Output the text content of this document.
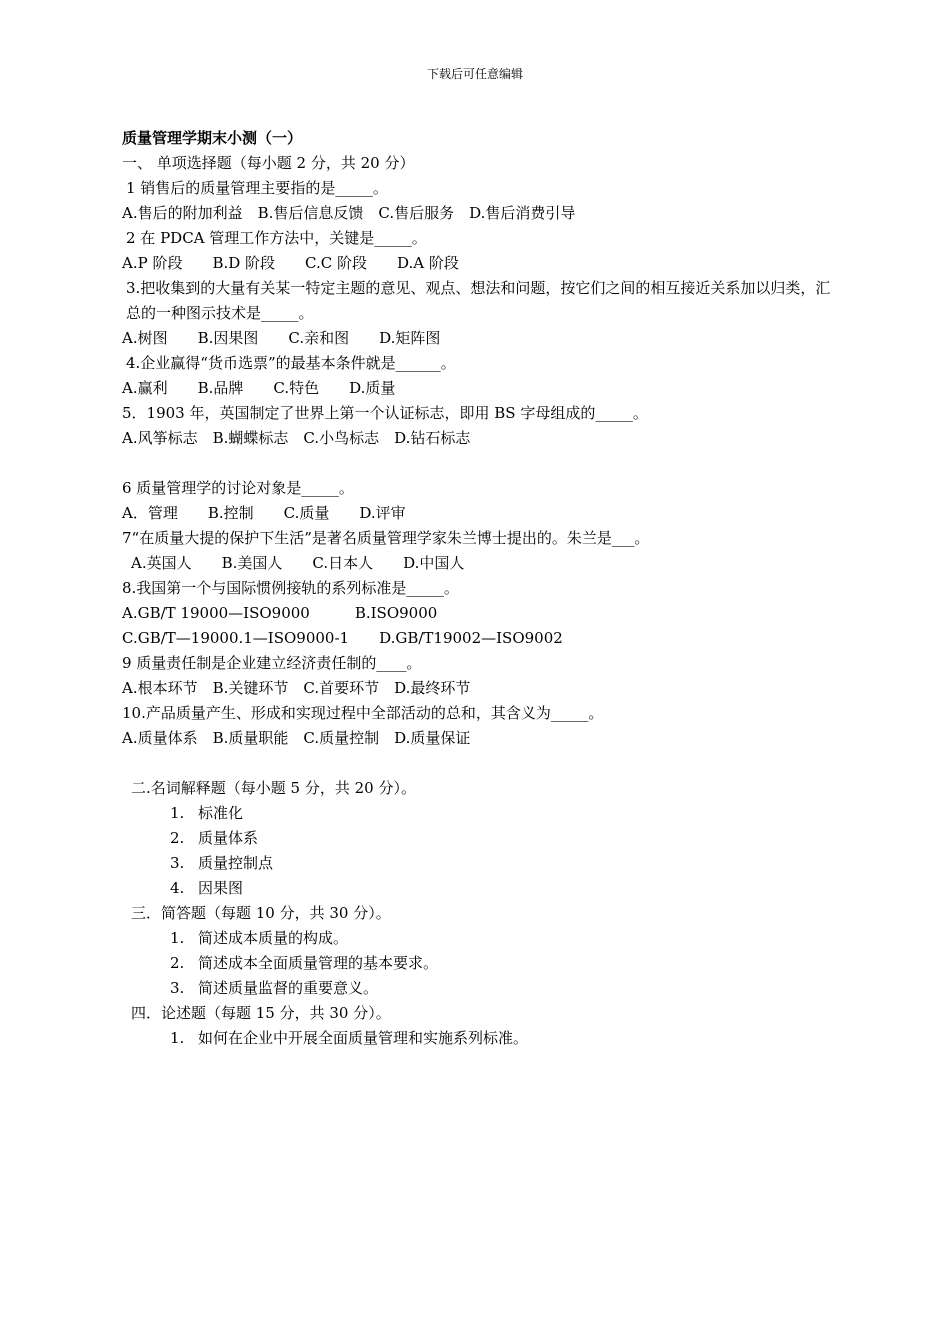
下载后可任意编辑
质量管理学期末小测（一）
一、 单项选择题（每小题 2 分，共 20 分）
1 销售后的质量管理主要指的是_____。
A.售后的附加利益　B.售后信息反馈　C.售后服务　D.售后消费引导
2 在 PDCA 管理工作方法中，关键是_____。
A.P 阶段　　B.D 阶段　　C.C 阶段　　D.A 阶段
3.把收集到的大量有关某一特定主题的意见、观点、想法和问题，按它们之间的相互接近关系加以归类，汇总的一种图示技术是_____。
A.树图　　B.因果图　　C.亲和图　　D.矩阵图
4.企业赢得“货币选票”的最基本条件就是______。
A.赢利　　B.品牌　　C.特色　　D.质量
5．1903 年，英国制定了世界上第一个认证标志，即用 BS 字母组成的_____。
A.风筝标志　B.蝴蝶标志　C.小鸟标志　D.钻石标志
6 质量管理学的讨论对象是_____。
A．管理　　B.控制　　C.质量　　D.评审
7“在质量大提的保护下生活”是著名质量管理学家朱兰博士提出的。朱兰是___。
A.英国人　　B.美国人　　C.日本人　　D.中国人
8.我国第一个与国际惯例接轨的系列标准是_____。
A.GB/T 19000—ISO9000　　　B.ISO9000
C.GB/T—19000.1—ISO9000-1　　D.GB/T19002—ISO9002
9 质量责任制是企业建立经济责任制的____。
A.根本环节　B.关键环节　C.首要环节　D.最终环节
10.产品质量产生、形成和实现过程中全部活动的总和，其含义为_____。
A.质量体系　B.质量职能　C.质量控制　D.质量保证
二.名词解释题（每小题 5 分，共 20 分）。
1. 标准化
2. 质量体系
3. 质量控制点
4. 因果图
三．简答题（每题 10 分，共 30 分）。
1. 简述成本质量的构成。
2. 简述成本全面质量管理的基本要求。
3. 简述质量监督的重要意义。
四．论述题（每题 15 分，共 30 分）。
1. 如何在企业中开展全面质量管理和实施系列标准。
